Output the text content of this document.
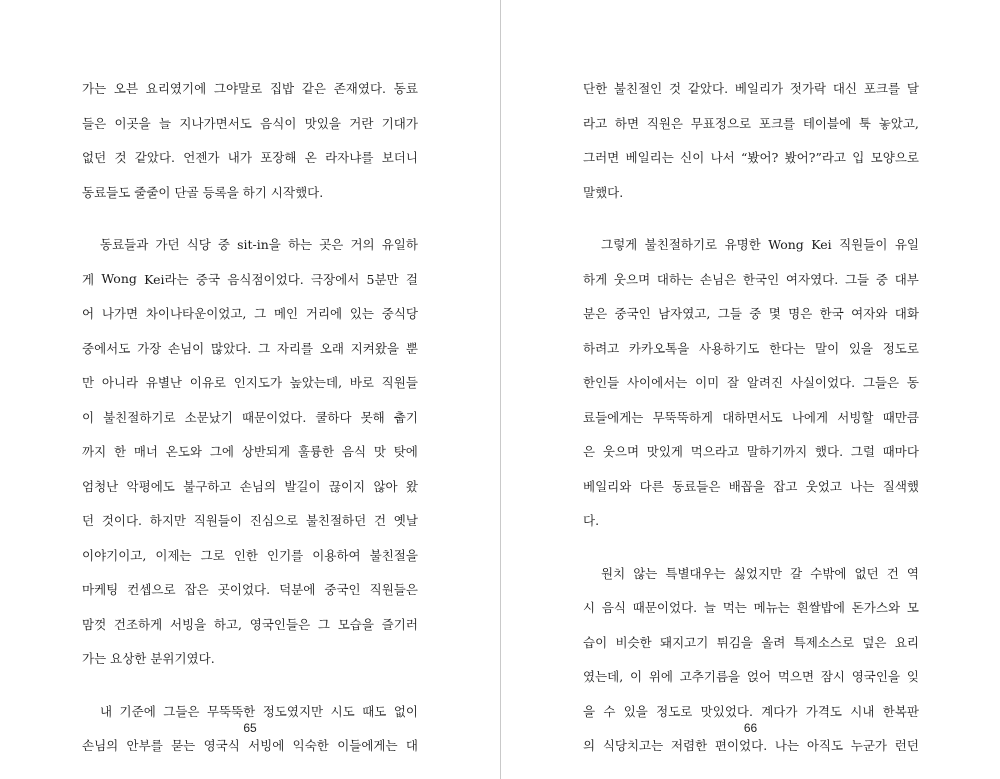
가는 오븐 요리였기에 그야말로 집밥 같은 존재였다. 동료
들은 이곳을 늘 지나가면서도 음식이 맛있을 거란 기대가
없던 것 같았다. 언젠가 내가 포장해 온 라자냐를 보더니
동료들도 줄줄이 단골 등록을 하기 시작했다.
동료들과 가던 식당 중 sit-in을 하는 곳은 거의 유일하
게 Wong Kei라는 중국 음식점이었다. 극장에서 5분만 걸
어 나가면 차이나타운이었고, 그 메인 거리에 있는 중식당
중에서도 가장 손님이 많았다. 그 자리를 오래 지켜왔을 뿐
만 아니라 유별난 이유로 인지도가 높았는데, 바로 직원들
이 불친절하기로 소문났기 때문이었다. 쿨하다 못해 춥기
까지 한 매너 온도와 그에 상반되게 훌륭한 음식 맛 탓에
엄청난 악평에도 불구하고 손님의 발길이 끊이지 않아 왔
던 것이다. 하지만 직원들이 진심으로 불친절하던 건 옛날
이야기이고, 이제는 그로 인한 인기를 이용하여 불친절을
마케팅 컨셉으로 잡은 곳이었다. 덕분에 중국인 직원들은
맘껏 건조하게 서빙을 하고, 영국인들은 그 모습을 즐기러
가는 요상한 분위기였다.
내 기준에 그들은 무뚝뚝한 정도였지만 시도 때도 없이
손님의 안부를 묻는 영국식 서빙에 익숙한 이들에게는 대
65
단한 불친절인 것 같았다. 베일리가 젓가락 대신 포크를 달
라고 하면 직원은 무표정으로 포크를 테이블에 툭 놓았고,
그러면 베일리는 신이 나서 “봤어? 봤어?”라고 입 모양으로
말했다.
그렇게 불친절하기로 유명한 Wong Kei 직원들이 유일
하게 웃으며 대하는 손님은 한국인 여자였다. 그들 중 대부
분은 중국인 남자였고, 그들 중 몇 명은 한국 여자와 대화
하려고 카카오톡을 사용하기도 한다는 말이 있을 정도로
한인들 사이에서는 이미 잘 알려진 사실이었다. 그들은 동
료들에게는 무뚝뚝하게 대하면서도 나에게 서빙할 때만큼
은 웃으며 맛있게 먹으라고 말하기까지 했다. 그럴 때마다
베일리와 다른 동료들은 배꼽을 잡고 웃었고 나는 질색했
다.
원치 않는 특별대우는 싫었지만 갈 수밖에 없던 건 역
시 음식 때문이었다. 늘 먹는 메뉴는 흰쌀밥에 돈가스와 모
습이 비슷한 돼지고기 튀김을 올려 특제소스로 덮은 요리
였는데, 이 위에 고추기름을 얹어 먹으면 잠시 영국인을 잊
을 수 있을 정도로 맛있었다. 계다가 가격도 시내 한복판
의 식당치고는 저렴한 편이었다. 나는 아직도 누군가 런던
66
